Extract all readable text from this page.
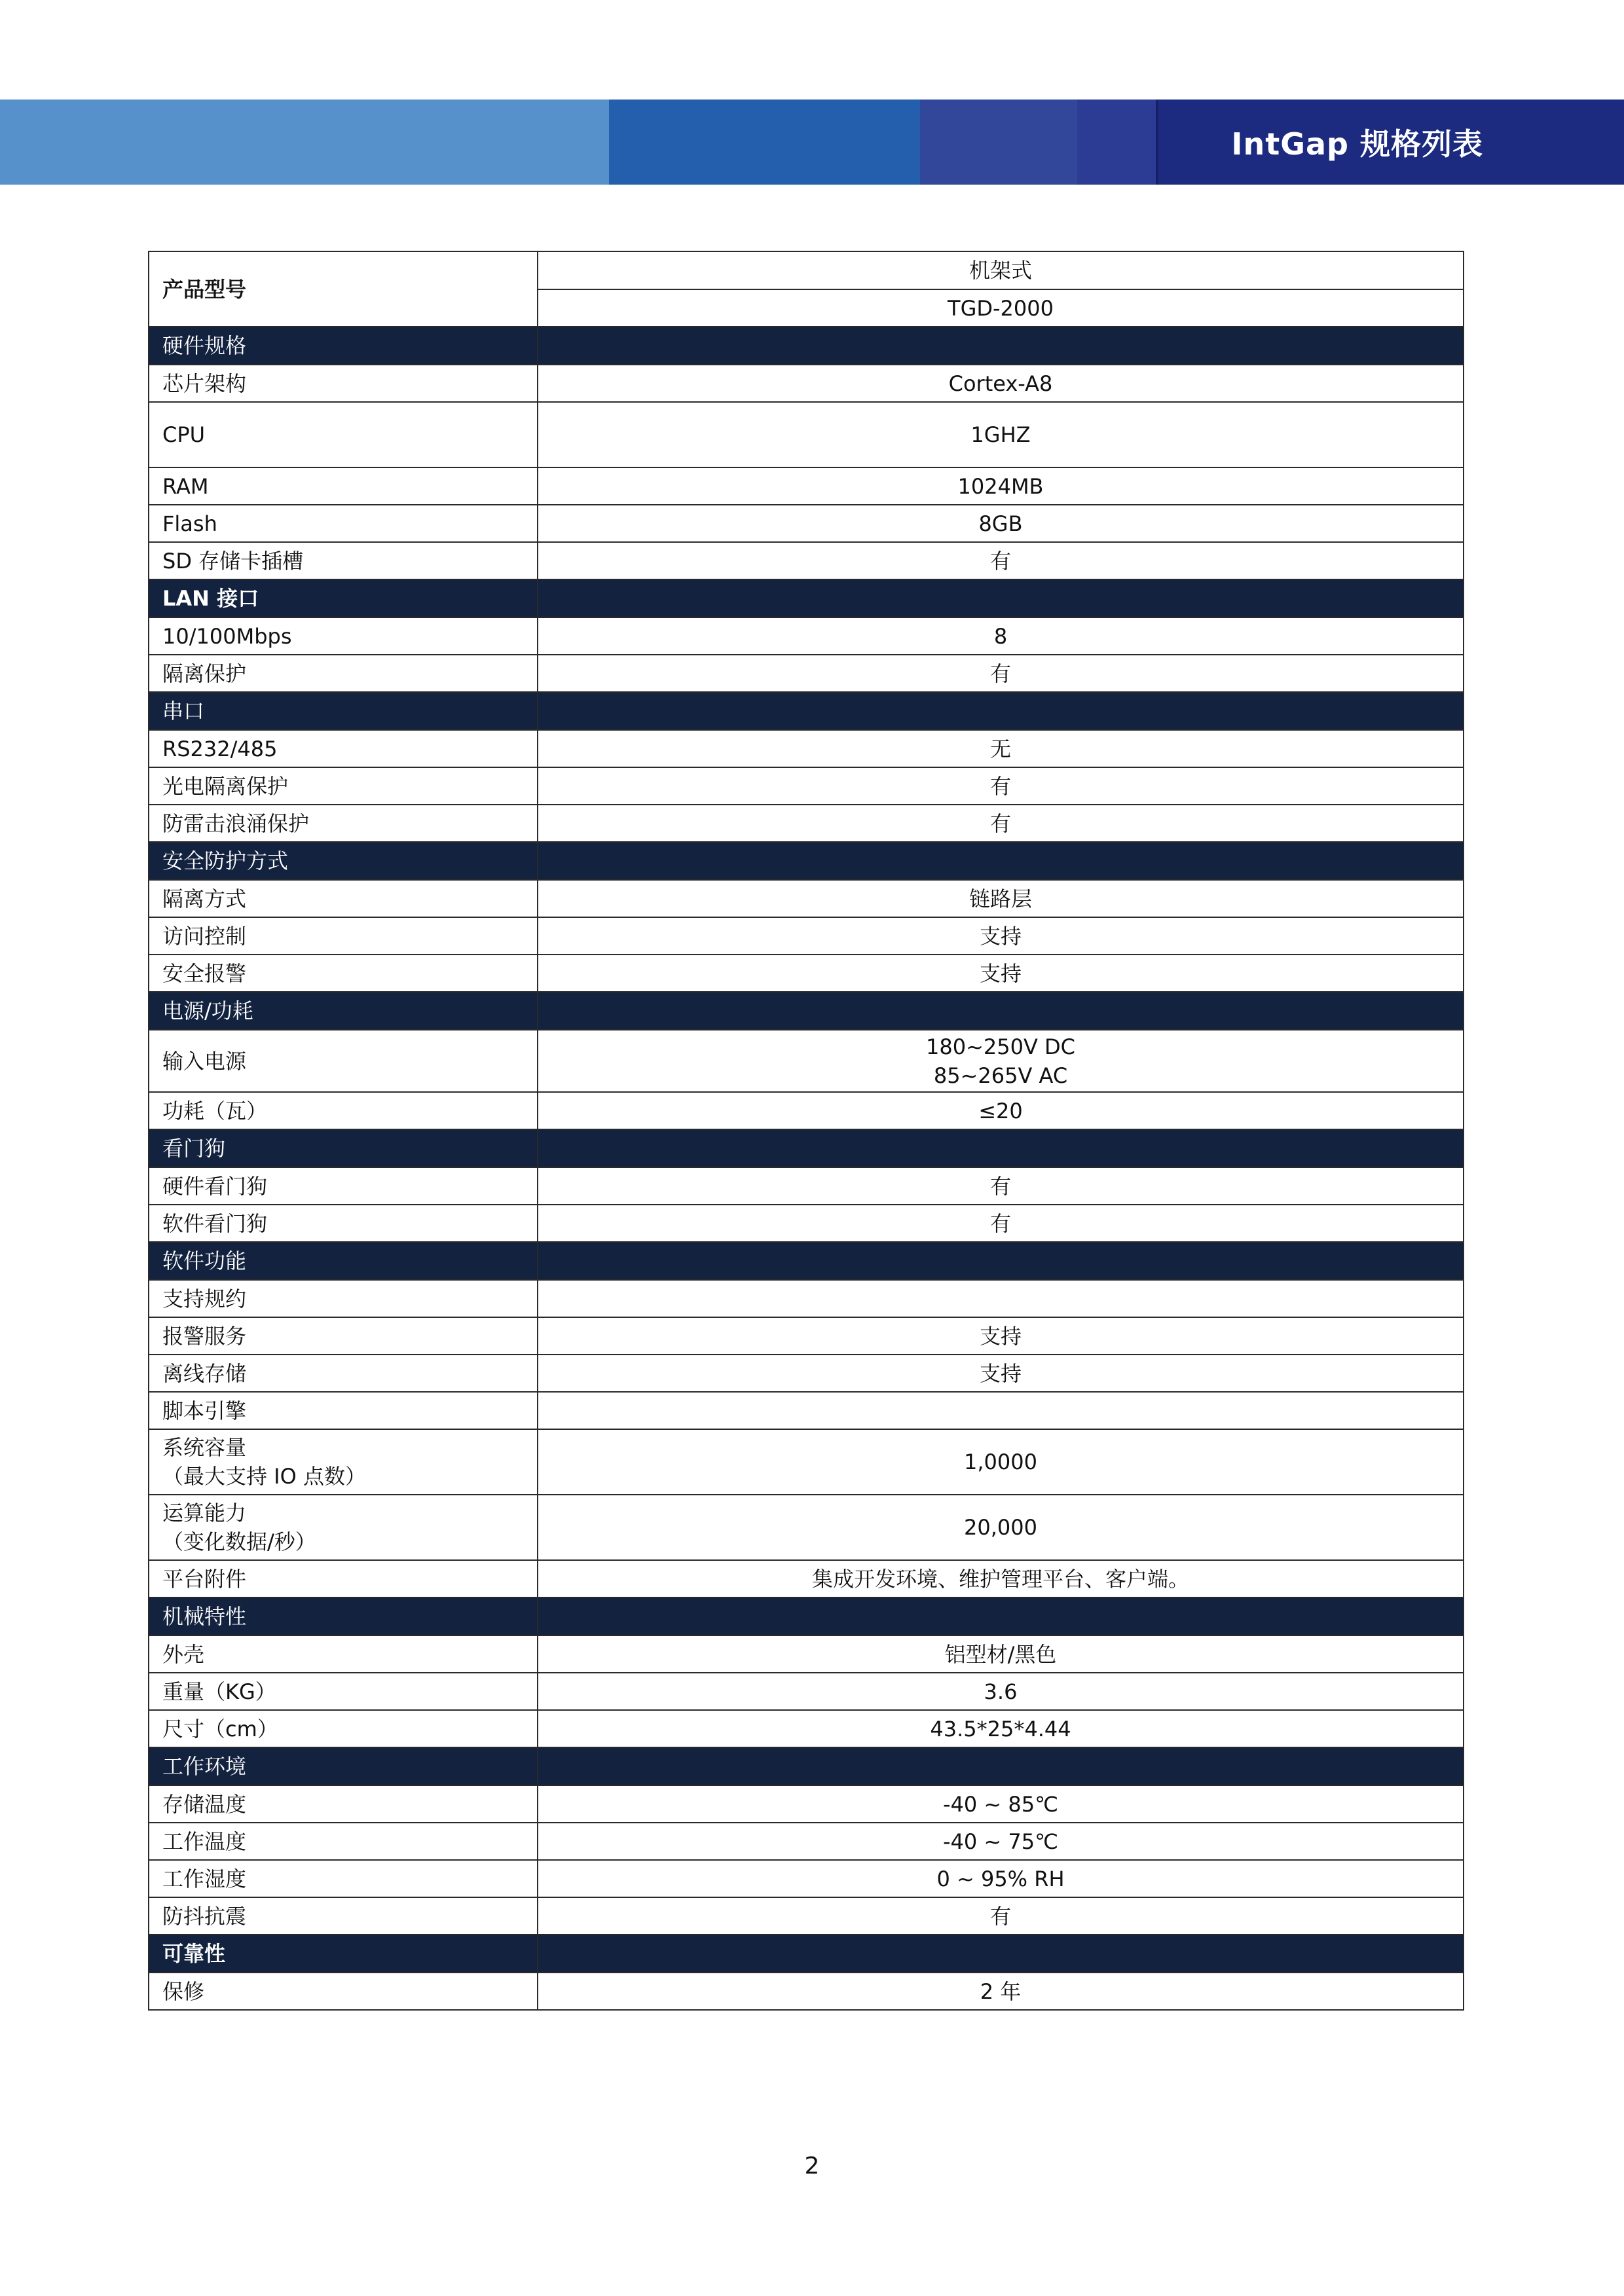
IntGap 规格列表
产品型号	机架式
	TGD-2000
硬件规格	
芯片架构	Cortex-A8
CPU	1GHZ
RAM	1024MB
Flash	8GB
SD 存储卡插槽	有
LAN 接口	
10/100Mbps	8
隔离保护	有
串口	
RS232/485	无
光电隔离保护	有
防雷击浪涌保护	有
安全防护方式	
隔离方式	链路层
访问控制	支持
安全报警	支持
电源/功耗	
输入电源	180~250V DC
85~265V AC
功耗（瓦）	≤20
看门狗	
硬件看门狗	有
软件看门狗	有
软件功能	
支持规约	
报警服务	支持
离线存储	支持
脚本引擎	
系统容量
（最大支持 IO 点数）	1,0000
运算能力
（变化数据/秒）	20,000
平台附件	集成开发环境、维护管理平台、客户端。
机械特性	
外壳	铝型材/黑色
重量（KG）	3.6
尺寸（cm）	43.5*25*4.44
工作环境	
存储温度	-40 ~ 85℃
工作温度	-40 ~ 75℃
工作湿度	0 ~ 95% RH
防抖抗震	有
可靠性	
保修	2 年
2
